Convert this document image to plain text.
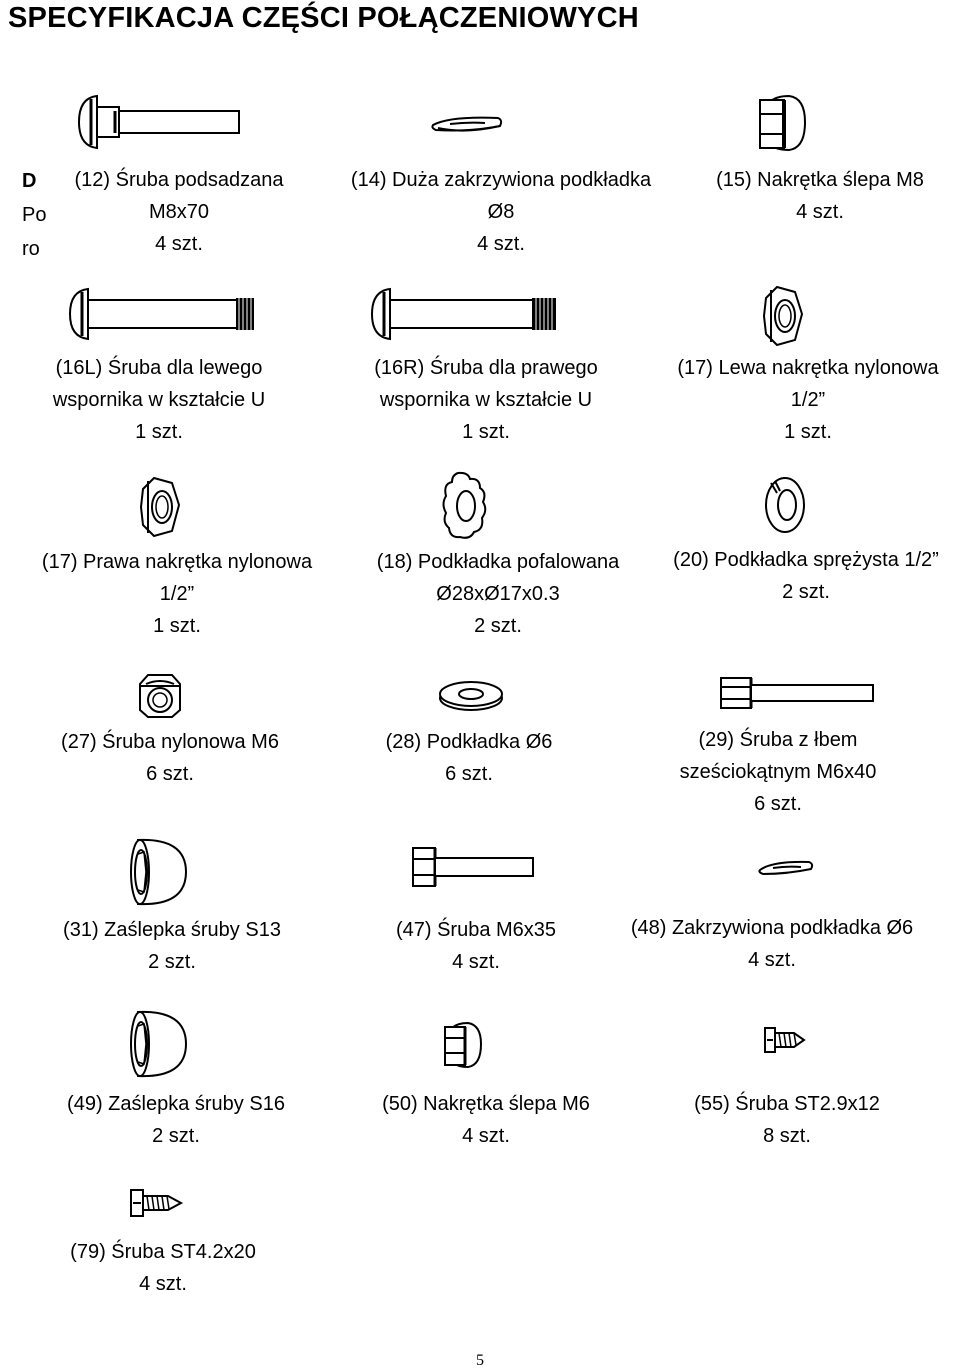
SPECYFIKACJA CZĘŚCI POŁĄCZENIOWYCH
D
Po
ro
(12) Śruba podsadzana
M8x70
4 szt.
(14) Duża zakrzywiona podkładka
Ø8
4 szt.
(15) Nakrętka ślepa M8
4 szt.
(16L) Śruba dla lewego
wspornika w kształcie U
1 szt.
(16R) Śruba dla prawego
wspornika w kształcie U
1 szt.
(17) Lewa nakrętka nylonowa
1/2”
1 szt.
(17) Prawa nakrętka nylonowa
1/2”
1 szt.
(18) Podkładka pofalowana
Ø28xØ17x0.3
2 szt.
(20) Podkładka sprężysta 1/2”
2 szt.
(27) Śruba nylonowa M6
6 szt.
(28) Podkładka Ø6
6 szt.
(29) Śruba z łbem
sześciokątnym M6x40
6 szt.
(31) Zaślepka śruby S13
2 szt.
(47) Śruba M6x35
4 szt.
(48) Zakrzywiona podkładka Ø6
4 szt.
(49) Zaślepka śruby S16
2 szt.
(50) Nakrętka ślepa M6
4 szt.
(55) Śruba ST2.9x12
8 szt.
(79) Śruba ST4.2x20
4 szt.
5
